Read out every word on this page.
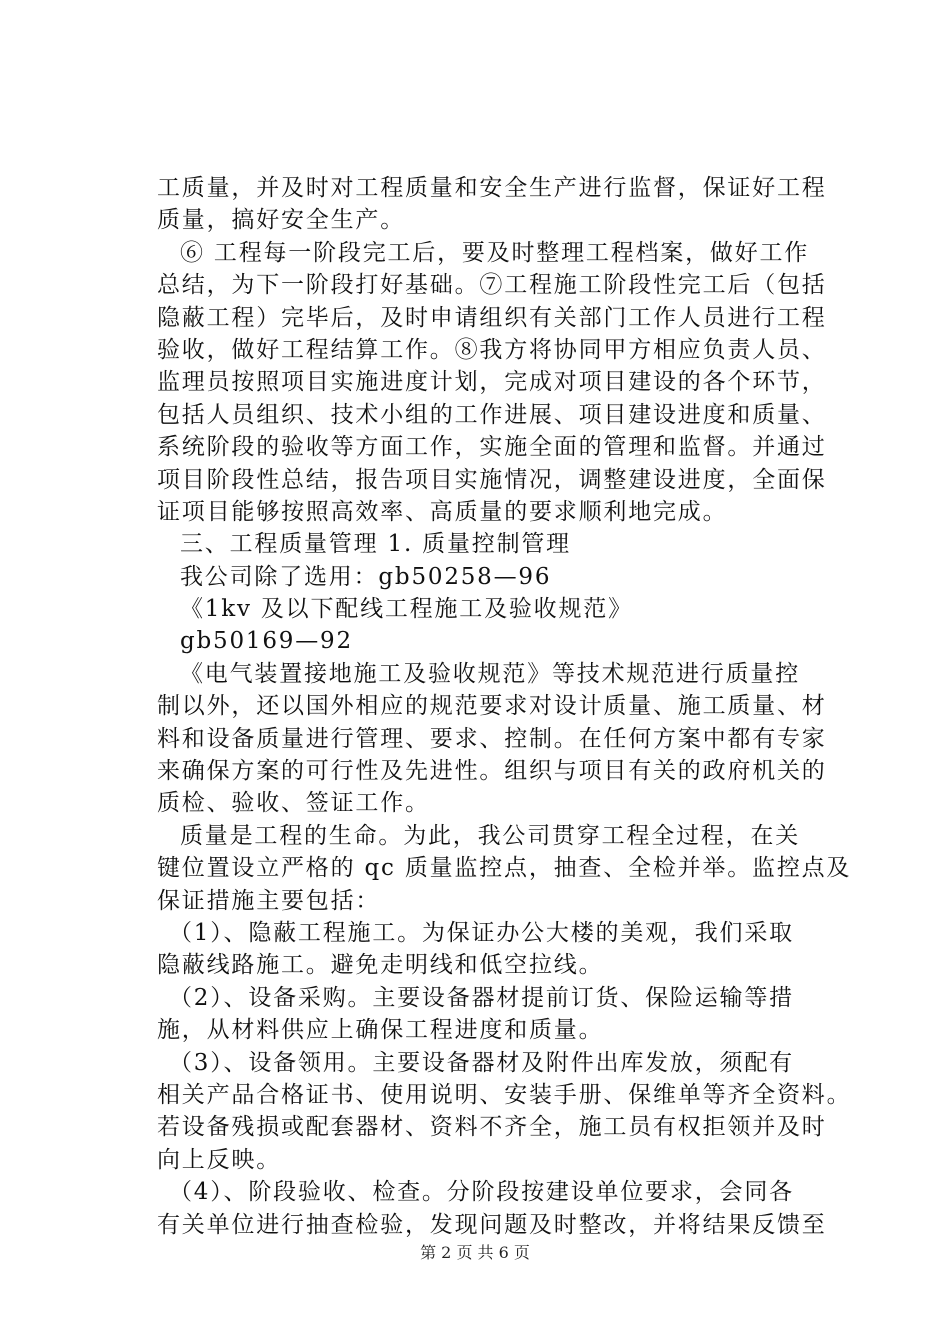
工质量，并及时对工程质量和安全生产进行监督，保证好工程
质量，搞好安全生产。
⑥ 工程每一阶段完工后，要及时整理工程档案，做好工作
总结，为下一阶段打好基础。⑦工程施工阶段性完工后（包括
隐蔽工程）完毕后，及时申请组织有关部门工作人员进行工程
验收，做好工程结算工作。⑧我方将协同甲方相应负责人员、
监理员按照项目实施进度计划，完成对项目建设的各个环节，
包括人员组织、技术小组的工作进展、项目建设进度和质量、
系统阶段的验收等方面工作，实施全面的管理和监督。并通过
项目阶段性总结，报告项目实施情况，调整建设进度，全面保
证项目能够按照高效率、高质量的要求顺利地完成。
三、工程质量管理 1. 质量控制管理
我公司除了选用：gb50258—96
《1kv 及以下配线工程施工及验收规范》
gb50169—92
《电气装置接地施工及验收规范》等技术规范进行质量控
制以外，还以国外相应的规范要求对设计质量、施工质量、材
料和设备质量进行管理、要求、控制。在任何方案中都有专家
来确保方案的可行性及先进性。组织与项目有关的政府机关的
质检、验收、签证工作。
质量是工程的生命。为此，我公司贯穿工程全过程，在关
键位置设立严格的 qc 质量监控点，抽查、全检并举。监控点及
保证措施主要包括：
（1）、隐蔽工程施工。为保证办公大楼的美观，我们采取
隐蔽线路施工。避免走明线和低空拉线。
（2）、设备采购。主要设备器材提前订货、保险运输等措
施，从材料供应上确保工程进度和质量。
（3）、设备领用。主要设备器材及附件出库发放，须配有
相关产品合格证书、使用说明、安装手册、保维单等齐全资料。
若设备残损或配套器材、资料不齐全，施工员有权拒领并及时
向上反映。
（4）、阶段验收、检查。分阶段按建设单位要求，会同各
有关单位进行抽查检验，发现问题及时整改，并将结果反馈至
第 2 页 共 6 页
